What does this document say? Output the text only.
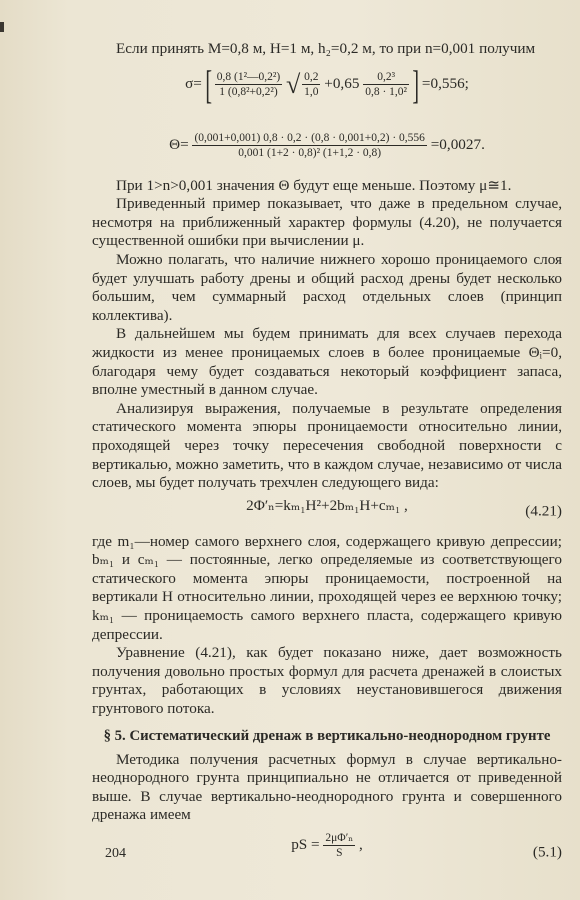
Если принять M=0,8 м, H=1 м, h₂=0,2 м, то при n=0,001 получим

σ= [ $\frac{\text{0,8 (1²—0,2²)}}{\text{1 (0,8²+0,2²)}}$ √ $\frac{0,2}{1,0} +0,65 \frac{\text{0,2³}}{\text{0,8 · 1,0²}}$ ] =0,556;
$\Theta= \frac{(0,001+0,001) 0,8 \cdot 0,2 \cdot (0,8 \cdot 0,001+0,2) \cdot 0,556}{\text{0,001 (1+2 · 0,8)² (1+1,2 · 0,8)}} =0,0027$.

При 1>n>0,001 значения Θ будут еще меньше. Поэтому μ≅1.

Приведенный пример показывает, что даже в предельном случае, несмотря на приближенный характер формулы (4.20), не получается существенной ошибки при вычислении μ.

Можно полагать, что наличие нижнего хорошо проницаемого слоя будет улучшать работу дрены и общий расход дрены будет несколько большим, чем суммарный расход отдельных слоев (принцип коллектива).

В дальнейшем мы будем принимать для всех случаев перехода жидкости из менее проницаемых слоев в более проницаемые Θᵢ=0, благодаря чему будет создаваться некоторый коэффициент запаса, вполне уместный в данном случае.

Анализируя выражения, получаемые в результате определения статического момента эпюры проницаемости относительно линии, проходящей через точку пересечения свободной поверхности с вертикалью, можно заметить, что в каждом случае, независимо от числа слоев, мы будет получать трехчлен следующего вида:

2Φ′ₙ=kₘ₁H²+2bₘ₁H+cₘ₁ ,	(4.21)

где m₁—номер самого верхнего слоя, содержащего кривую депрессии; bₘ₁ и cₘ₁ — постоянные, легко определяемые из соответствующего статического момента эпюры проницаемости, построенной на вертикали H относительно линии, проходящей через ее верхнюю точку; kₘ₁ — проницаемость самого верхнего пласта, содержащего кривую депрессии.

Уравнение (4.21), как будет показано ниже, дает возможность получения довольно простых формул для расчета дренажей в слоистых грунтах, работающих в условиях неустановившегося движения грунтового потока.

§ 5. Систематический дренаж в вертикально-неоднородном грунте

Методика получения расчетных формул в случае вертикально-неоднородного грунта принципиально не отличается от приведенной выше. В случае вертикально-неоднородного грунта и совершенного дренажа имеем

pS = $\frac{\text{2μΦ′ₙ}}{S}$ ,	(5.1)
204
